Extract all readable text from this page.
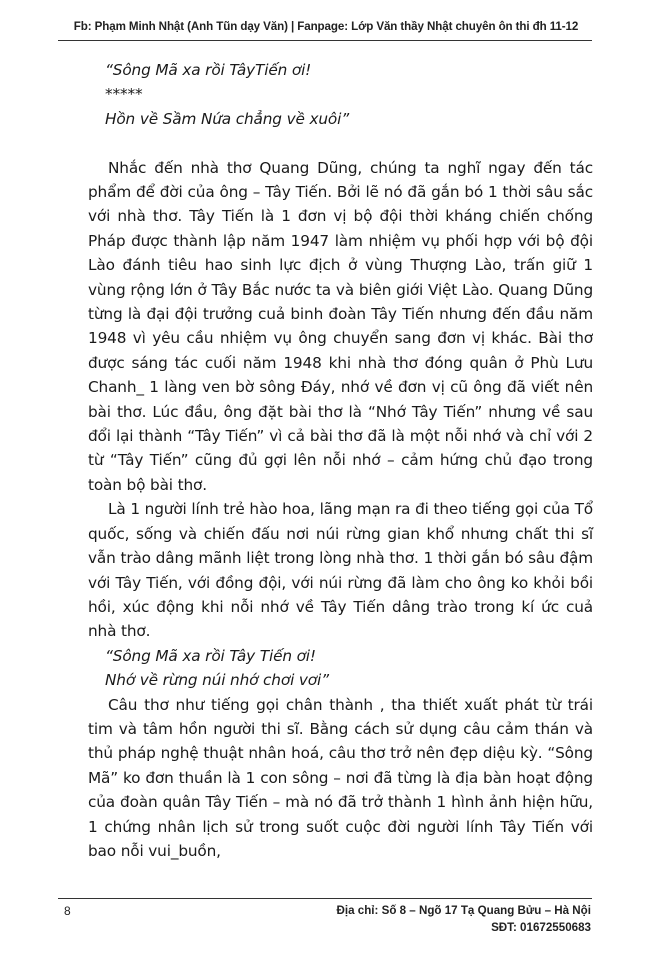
Fb: Phạm Minh Nhật (Anh Tũn dạy Văn) | Fanpage: Lớp Văn thầy Nhật chuyên ôn thi đh 11-12

“Sông Mã xa rồi TâyTiến ơi!

*****

Hồn về Sầm Nứa chẳng về xuôi”

Nhắc đến nhà thơ Quang Dũng, chúng ta nghĩ ngay đến tác phẩm để đời của ông – Tây Tiến. Bởi lẽ nó đã gắn bó 1 thời sâu sắc với nhà thơ. Tây Tiến là 1 đơn vị bộ đội thời kháng chiến chống Pháp được thành lập năm 1947 làm nhiệm vụ phối hợp với bộ đội Lào đánh tiêu hao sinh lực địch ở vùng Thượng Lào, trấn giữ 1 vùng rộng lớn ở Tây Bắc nước ta và biên giới Việt Lào. Quang Dũng từng là đại đội trưởng cuả binh đoàn Tây Tiến nhưng đến đầu năm 1948 vì yêu cầu nhiệm vụ ông chuyển sang đơn vị khác. Bài thơ được sáng tác cuối năm 1948 khi nhà thơ đóng quân ở Phù Lưu Chanh_ 1 làng ven bờ sông Đáy, nhớ về đơn vị cũ ông đã viết nên bài thơ. Lúc đầu, ông đặt bài thơ là “Nhớ Tây Tiến” nhưng về sau đổi lại thành “Tây Tiến” vì cả bài thơ đã là một nỗi nhớ và chỉ với 2 từ “Tây Tiến” cũng đủ gợi lên nỗi nhớ – cảm hứng chủ đạo trong toàn bộ bài thơ.

Là 1 người lính trẻ hào hoa, lãng mạn ra đi theo tiếng gọi của Tổ quốc, sống và chiến đấu nơi núi rừng gian khổ nhưng chất thi sĩ vẫn trào dâng mãnh liệt trong lòng nhà thơ. 1 thời gắn bó sâu đậm với Tây Tiến, với đồng đội, với núi rừng đã làm cho ông ko khỏi bồi hồi, xúc động khi nỗi nhớ về Tây Tiến dâng trào trong kí ức cuả nhà thơ.

“Sông Mã xa rồi Tây Tiến ơi!

Nhớ về rừng núi nhớ chơi vơi”

Câu thơ như tiếng gọi chân thành , tha thiết xuất phát từ trái tim và tâm hồn người thi sĩ. Bằng cách sử dụng câu cảm thán và thủ pháp nghệ thuật nhân hoá, câu thơ trở nên đẹp diệu kỳ. “Sông Mã” ko đơn thuần là 1 con sông – nơi đã từng là địa bàn hoạt động của đoàn quân Tây Tiến – mà nó đã trở thành 1 hình ảnh hiện hữu, 1 chứng nhân lịch sử trong suốt cuộc đời người lính Tây Tiến với bao nỗi vui_buồn,

8	Địa chỉ: Số 8 – Ngõ 17 Tạ Quang Bửu – Hà Nội
SĐT: 01672550683
